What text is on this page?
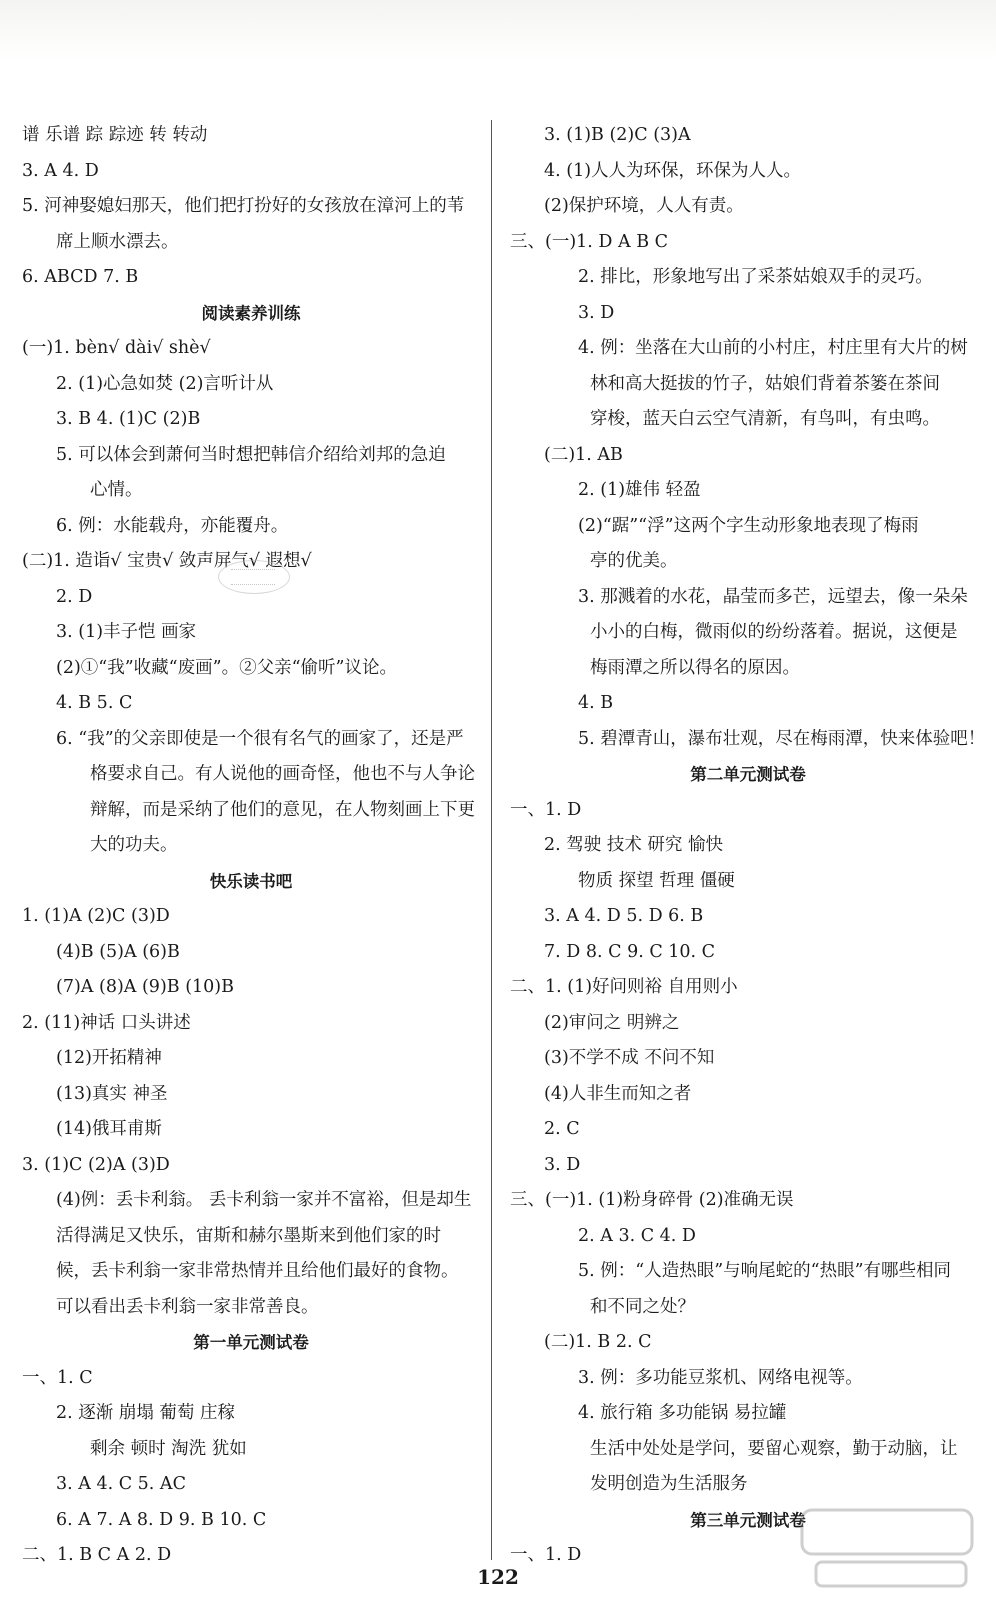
谱 乐谱 踪 踪迹 转 转动
3. A 4. D
5. 河神娶媳妇那天，他们把打扮好的女孩放在漳河上的苇
席上顺水漂去。
6. ABCD 7. B
阅读素养训练
(一)1. bèn√ dài√ shè√
2. (1)心急如焚 (2)言听计从
3. B 4. (1)C (2)B
5. 可以体会到萧何当时想把韩信介绍给刘邦的急迫
心情。
6. 例：水能载舟，亦能覆舟。
(二)1. 造诣√ 宝贵√ 敛声屏气√ 遐想√
2. D
3. (1)丰子恺 画家
(2)①“我”收藏“废画”。②父亲“偷听”议论。
4. B 5. C
6. “我”的父亲即使是一个很有名气的画家了，还是严
格要求自己。有人说他的画奇怪，他也不与人争论
辩解，而是采纳了他们的意见，在人物刻画上下更
大的功夫。
快乐读书吧
1. (1)A (2)C (3)D
(4)B (5)A (6)B
(7)A (8)A (9)B (10)B
2. (11)神话 口头讲述
(12)开拓精神
(13)真实 神圣
(14)俄耳甫斯
3. (1)C (2)A (3)D
(4)例：丢卡利翁。 丢卡利翁一家并不富裕，但是却生
活得满足又快乐，宙斯和赫尔墨斯来到他们家的时
候，丢卡利翁一家非常热情并且给他们最好的食物。
可以看出丢卡利翁一家非常善良。
第一单元测试卷
一、1. C
2. 逐渐 崩塌 葡萄 庄稼
剩余 顿时 淘洗 犹如
3. A 4. C 5. AC
6. A 7. A 8. D 9. B 10. C
二、1. B C A 2. D
3. (1)B (2)C (3)A
4. (1)人人为环保，环保为人人。
(2)保护环境，人人有责。
三、(一)1. D A B C
2. 排比，形象地写出了采茶姑娘双手的灵巧。
3. D
4. 例：坐落在大山前的小村庄，村庄里有大片的树
林和高大挺拔的竹子，姑娘们背着茶篓在茶间
穿梭，蓝天白云空气清新，有鸟叫，有虫鸣。
(二)1. AB
2. (1)雄伟 轻盈
(2)“踞”“浮”这两个字生动形象地表现了梅雨
亭的优美。
3. 那溅着的水花，晶莹而多芒，远望去，像一朵朵
小小的白梅，微雨似的纷纷落着。据说，这便是
梅雨潭之所以得名的原因。
4. B
5. 碧潭青山，瀑布壮观，尽在梅雨潭，快来体验吧！
第二单元测试卷
一、1. D
2. 驾驶 技术 研究 愉快
物质 探望 哲理 僵硬
3. A 4. D 5. D 6. B
7. D 8. C 9. C 10. C
二、1. (1)好问则裕 自用则小
(2)审问之 明辨之
(3)不学不成 不问不知
(4)人非生而知之者
2. C
3. D
三、(一)1. (1)粉身碎骨 (2)准确无误
2. A 3. C 4. D
5. 例：“人造热眼”与响尾蛇的“热眼”有哪些相同
和不同之处？
(二)1. B 2. C
3. 例：多功能豆浆机、网络电视等。
4. 旅行箱 多功能锅 易拉罐
生活中处处是学问，要留心观察，勤于动脑，让
发明创造为生活服务
第三单元测试卷
一、1. D
122
